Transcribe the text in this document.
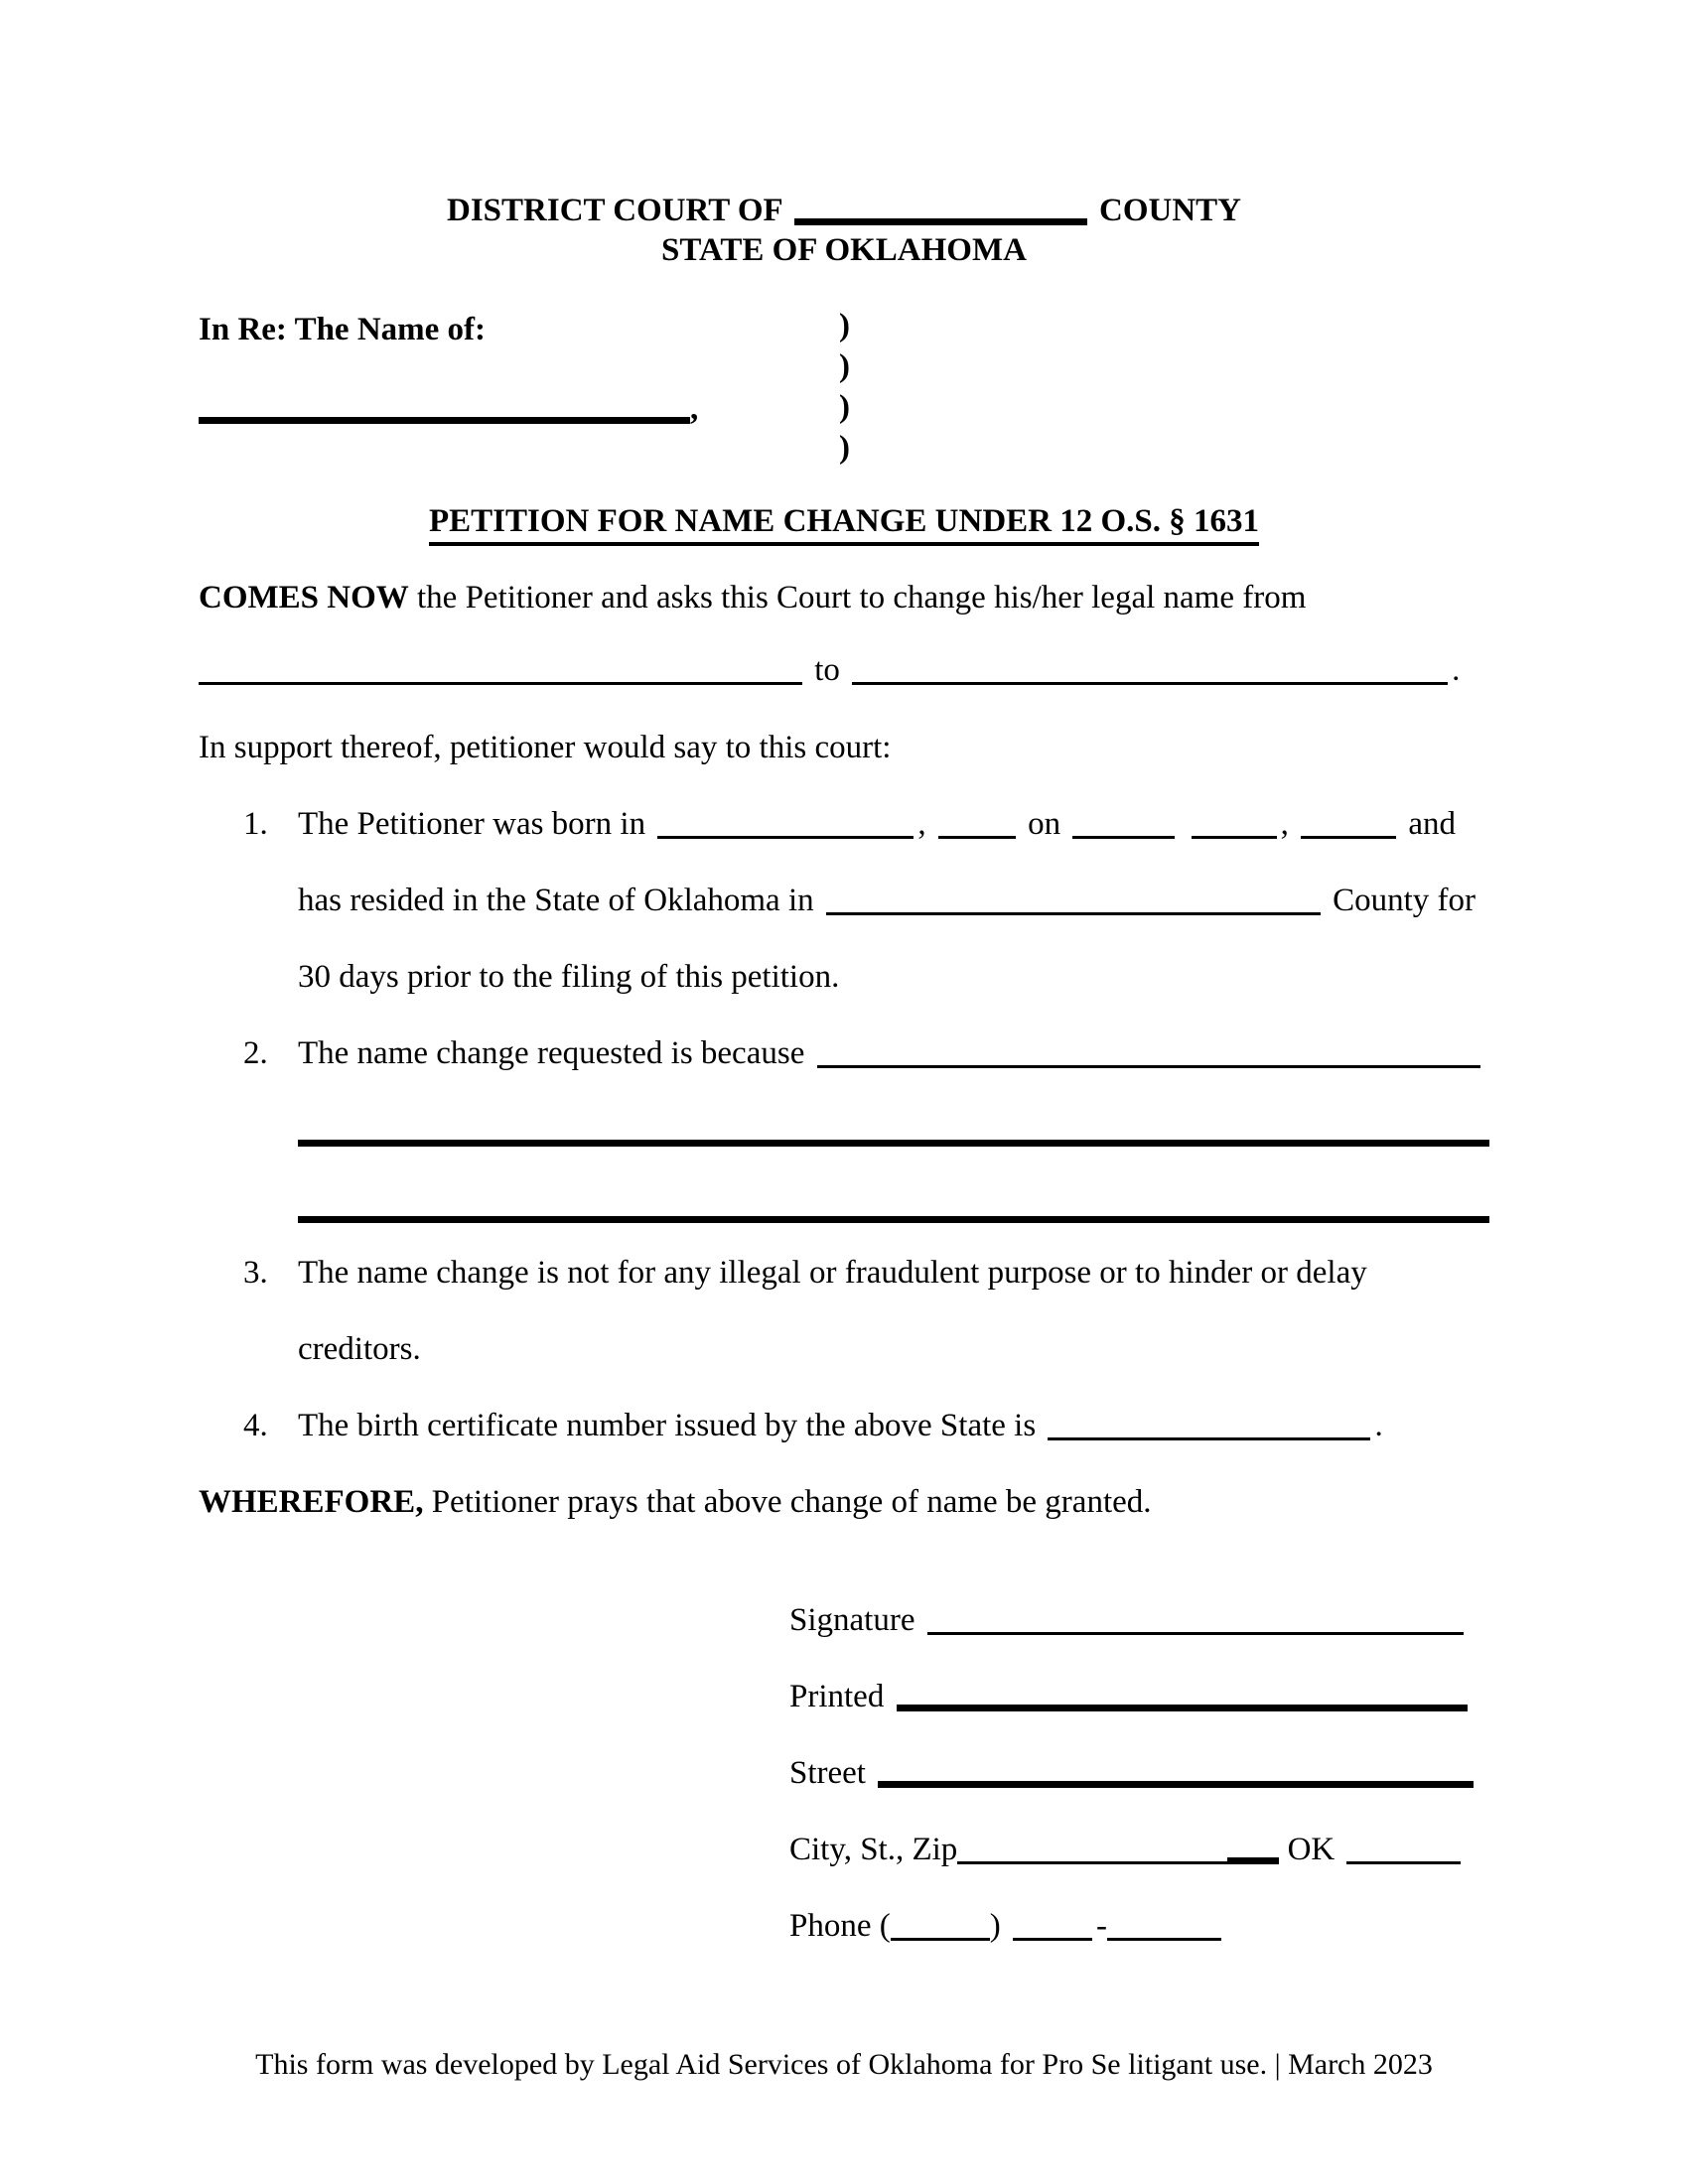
DISTRICT COURT OF	COUNTY
STATE OF OKLAHOMA
In Re: The Name of:
,
)
)
)
)
PETITION FOR NAME CHANGE UNDER 12 O.S. § 1631
COMES NOW the Petitioner and asks this Court to change his/her legal name from
to	.
In support thereof, petitioner would say to this court:
1. The Petitioner was born in	,	on	,	and
has resided in the State of Oklahoma in	County for
30 days prior to the filing of this petition.
2. The name change requested is because
3. The name change is not for any illegal or fraudulent purpose or to hinder or delay
creditors.
4. The birth certificate number issued by the above State is	.
WHEREFORE, Petitioner prays that above change of name be granted.
Signature
Printed
Street
City, St., Zip	OK
Phone (	)	-
This form was developed by Legal Aid Services of Oklahoma for Pro Se litigant use. | March 2023
